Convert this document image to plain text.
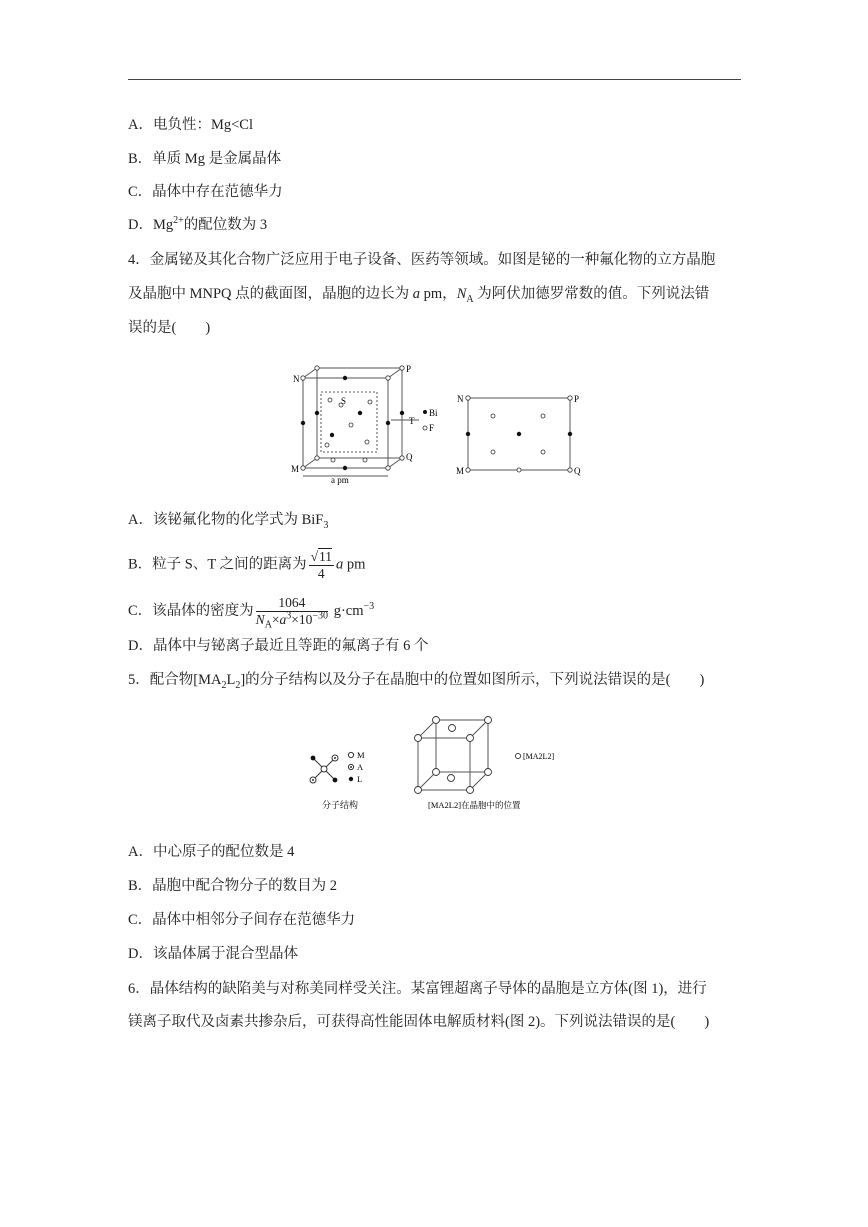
A．电负性：Mg<Cl
B．单质 Mg 是金属晶体
C．晶体中存在范德华力
D．$Mg^{2+}$的配位数为 3
4．金属铋及其化合物广泛应用于电子设备、医药等领域。如图是铋的一种氟化物的立方晶胞
及晶胞中 MNPQ 点的截面图，晶胞的边长为 a pm，$N_A$ 为阿伏加德罗常数的值。下列说法错
误的是(　　)
N
P
M
Q
S
T
Bi
F
a pm
N	P
M	Q
A．该铋氟化物的化学式为 BiF$_3$
B．粒子 S、T 之间的距离为 $\frac{√11}{4}$ a pm
C．该晶体的密度为 $\frac{1064}{N_A\times a^3\times 10^{-30}} g\cdot cm^{-3}$
D．晶体中与铋离子最近且等距的氟离子有 6 个
5．配合物$[MA_2L_2]$的分子结构以及分子在晶胞中的位置如图所示，下列说法错误的是(　　)
M
A
L
分子结构
[MA2L2]
[MA2L2]在晶胞中的位置
A．中心原子的配位数是 4
B．晶胞中配合物分子的数目为 2
C．晶体中相邻分子间存在范德华力
D．该晶体属于混合型晶体
6．晶体结构的缺陷美与对称美同样受关注。某富锂超离子导体的晶胞是立方体(图 1)，进行
镁离子取代及卤素共掺杂后，可获得高性能固体电解质材料(图 2)。下列说法错误的是(　　)
